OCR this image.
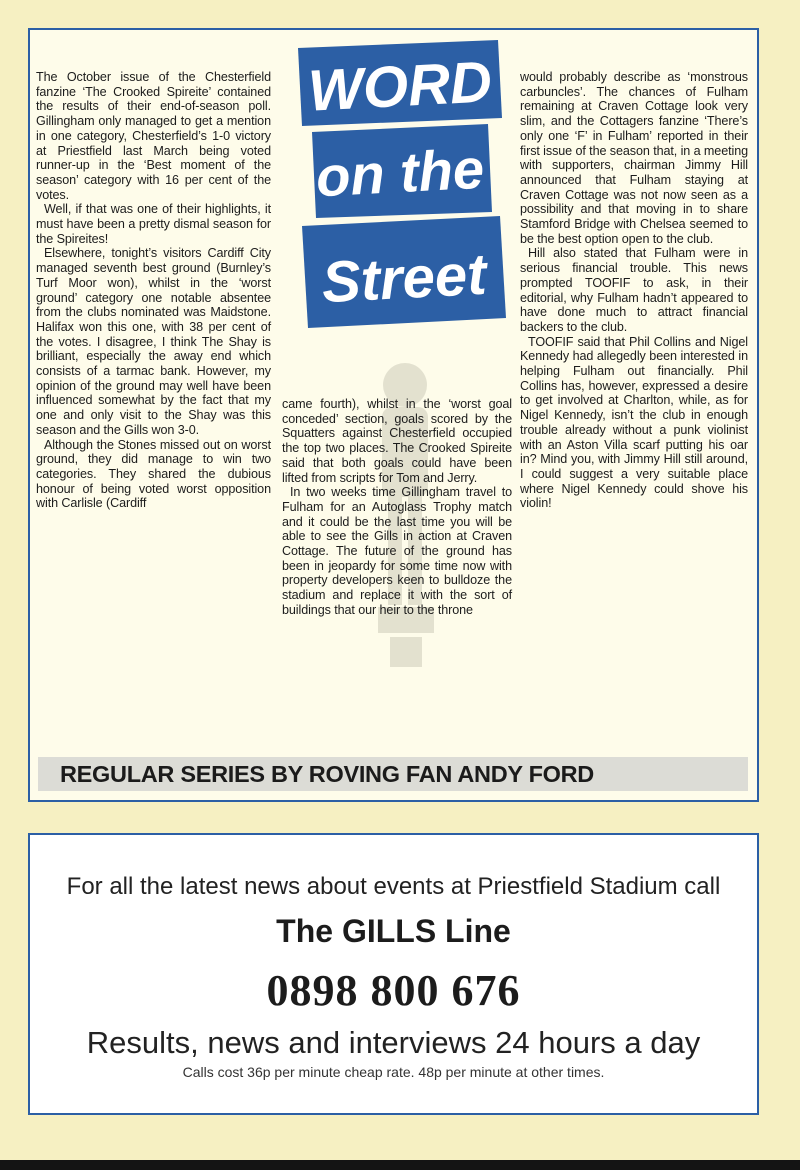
WORD
on the
Street

The October issue of the Chesterfield fanzine ‘The Crooked Spireite’ contained the results of their end-of-season poll. Gillingham only managed to get a mention in one category, Chesterfield’s 1-0 victory at Priestfield last March being voted runner-up in the ‘Best moment of the season’ category with 16 per cent of the votes.

Well, if that was one of their highlights, it must have been a pretty dismal season for the Spireites!

Elsewhere, tonight’s visitors Cardiff City managed seventh best ground (Burnley’s Turf Moor won), whilst in the ‘worst ground’ category one notable absentee from the clubs nominated was Maidstone. Halifax won this one, with 38 per cent of the votes. I disagree, I think The Shay is brilliant, especially the away end which consists of a tarmac bank. However, my opinion of the ground may well have been influenced somewhat by the fact that my one and only visit to the Shay was this season and the Gills won 3-0.

Although the Stones missed out on worst ground, they did manage to win two categories. They shared the dubious honour of being voted worst opposition with Carlisle (Cardiff

came fourth), whilst in the ‘worst goal conceded’ section, goals scored by the Squatters against Chesterfield occupied the top two places. The Crooked Spireite said that both goals could have been lifted from scripts for Tom and Jerry.

In two weeks time Gillingham travel to Fulham for an Autoglass Trophy match and it could be the last time you will be able to see the Gills in action at Craven Cottage. The future of the ground has been in jeopardy for some time now with property developers keen to bulldoze the stadium and replace it with the sort of buildings that our heir to the throne

would probably describe as ‘monstrous carbuncles’. The chances of Fulham remaining at Craven Cottage look very slim, and the Cottagers fanzine ‘There’s only one ‘F’ in Fulham’ reported in their first issue of the season that, in a meeting with supporters, chairman Jimmy Hill announced that Fulham staying at Craven Cottage was not now seen as a possibility and that moving in to share Stamford Bridge with Chelsea seemed to be the best option open to the club.

Hill also stated that Fulham were in serious financial trouble. This news prompted TOOFIF to ask, in their editorial, why Fulham hadn’t appeared to have done much to attract financial backers to the club.

TOOFIF said that Phil Collins and Nigel Kennedy had allegedly been interested in helping Fulham out financially. Phil Collins has, however, expressed a desire to get involved at Charlton, while, as for Nigel Kennedy, isn’t the club in enough trouble already without a punk violinist with an Aston Villa scarf putting his oar in? Mind you, with Jimmy Hill still around, I could suggest a very suitable place where Nigel Kennedy could shove his violin!

REGULAR SERIES BY ROVING FAN ANDY FORD
For all the latest news about events at Priestfield Stadium call
The GILLS Line
0898 800 676
Results, news and interviews 24 hours a day
Calls cost 36p per minute cheap rate. 48p per minute at other times.
